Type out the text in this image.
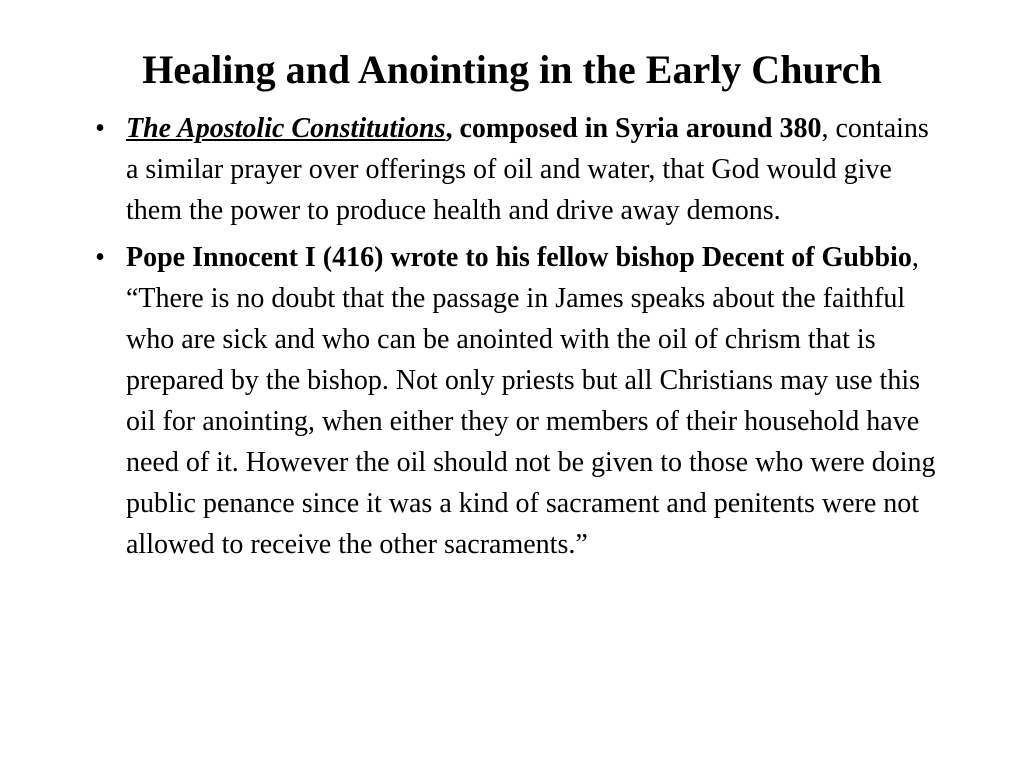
Healing and Anointing in the Early Church
• The Apostolic Constitutions, composed in Syria around 380, contains a similar prayer over offerings of oil and water, that God would give them the power to produce health and drive away demons.
• Pope Innocent I (416) wrote to his fellow bishop Decent of Gubbio, “There is no doubt that the passage in James speaks about the faithful who are sick and who can be anointed with the oil of chrism that is prepared by the bishop. Not only priests but all Christians may use this oil for anointing, when either they or members of their household have need of it. However the oil should not be given to those who were doing public penance since it was a kind of sacrament and penitents were not allowed to receive the other sacraments.”
